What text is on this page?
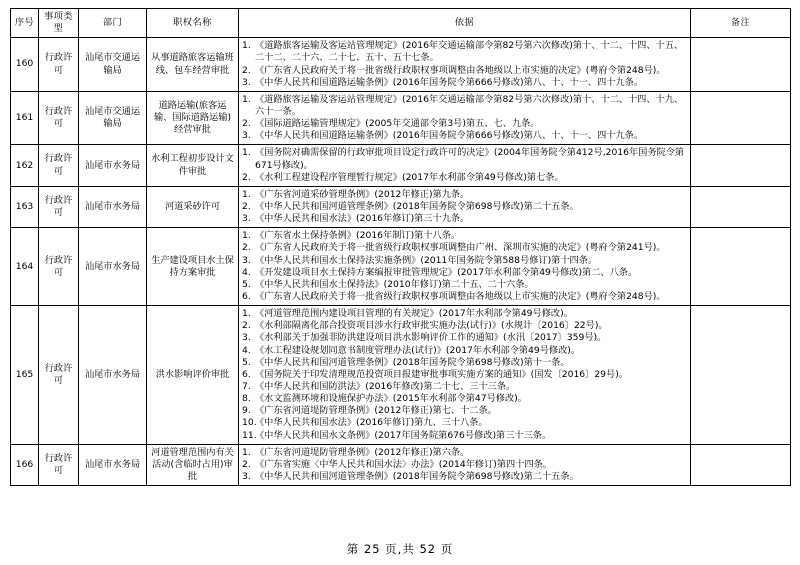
序号	事项类型	部门	职权名称	依据	备注
160	行政许可	汕尾市交通运输局	从事道路旅客运输班线、包车经营审批	
1. 《道路旅客运输及客运站管理规定》(2016年交通运输部令第82号第六次修改)第十、十二、十四、十五、二十二、二十六、二十七、五十、五十七条。
2. 《广东省人民政府关于将一批省级行政职权事项调整由各地级以上市实施的决定》(粤府令第248号)。
3. 《中华人民共和国道路运输条例》(2016年国务院令第666号修改)第八、十、十一、四十九条。

161	行政许可	汕尾市交通运输局	道路运输(旅客运输、国际道路运输)经营审批	
1. 《道路旅客运输及客运站管理规定》(2016年交通运输部令第82号第六次修改)第十、十二、十四、十九、六十一条。
2. 《国际道路运输管理规定》(2005年交通部令第3号)第五、七、九条。
3. 《中华人民共和国道路运输条例》(2016年国务院令第666号修改)第八、十、十一、四十九条。

162	行政许可	汕尾市水务局	水利工程初步设计文件审批	
1. 《国务院对确需保留的行政审批项目设定行政许可的决定》(2004年国务院令第412号,2016年国务院令第671号修改)。
2. 《水利工程建设程序管理暂行规定》(2017年水利部令第49号修改)第七条。

163	行政许可	汕尾市水务局	河道采砂许可	
1. 《广东省河道采砂管理条例》(2012年修正)第九条。
2. 《中华人民共和国河道管理条例》(2018年国务院令第698号修改)第二十五条。
3. 《中华人民共和国水法》(2016年修订)第三十九条。

164	行政许可	汕尾市水务局	生产建设项目水土保持方案审批	
1. 《广东省水土保持条例》(2016年制订)第十八条。
2. 《广东省人民政府关于将一批省级行政职权事项调整由广州、深圳市实施的决定》(粤府令第241号)。
3. 《中华人民共和国水土保持法实施条例》(2011年国务院令第588号修订)第十四条。
4. 《开发建设项目水土保持方案编报审批管理规定》(2017年水利部令第49号修改)第二、八条。
5. 《中华人民共和国水土保持法》(2010年修订)第二十五、二十六条。
6. 《广东省人民政府关于将一批省级行政职权事项调整由各地级以上市实施的决定》(粤府令第248号)。

165	行政许可	汕尾市水务局	洪水影响评价审批	
1. 《河道管理范围内建设项目管理的有关规定》(2017年水利部令第49号修改)。
2. 《水利部隔离化部合投资项目涉水行政审批实施办法(试行)》(水规计〔2016〕22号)。
3. 《水利部关于加强非防洪建设项目洪水影响评价工作的通知》(水汛〔2017〕359号)。
4. 《水工程建设规划同意书制度管理办法(试行)》(2017年水利部令第49号修改)。
5. 《中华人民共和国河道管理条例》(2018年国务院令第698号修改)第十一条。
6. 《国务院关于印发清理规范投资项目报建审批事项实施方案的通知》(国发〔2016〕29号)。
7. 《中华人民共和国防洪法》(2016年修改)第二十七、三十三条。
8. 《水文监测环境和设施保护办法》(2015年水利部令第47号修改)。
9. 《广东省河道堤防管理条例》(2012年修正)第七、十二条。
10.
《中华人民共和国水法》(2016年修订)第九、三十八条。
11.
《中华人民共和国水文条例》(2017年国务院第676号修改)第三十三条。

166	行政许可	汕尾市水务局	河道管理范围内有关活动(含临时占用)审批	
1. 《广东省河道堤防管理条例》(2012年修正)第六条。
2. 《广东省实施〈中华人民共和国水法〉办法》(2014年修订)第四十四条。
3. 《中华人民共和国河道管理条例》(2018年国务院令第698号修改)第二十五条。

第 25 页,共 52 页
